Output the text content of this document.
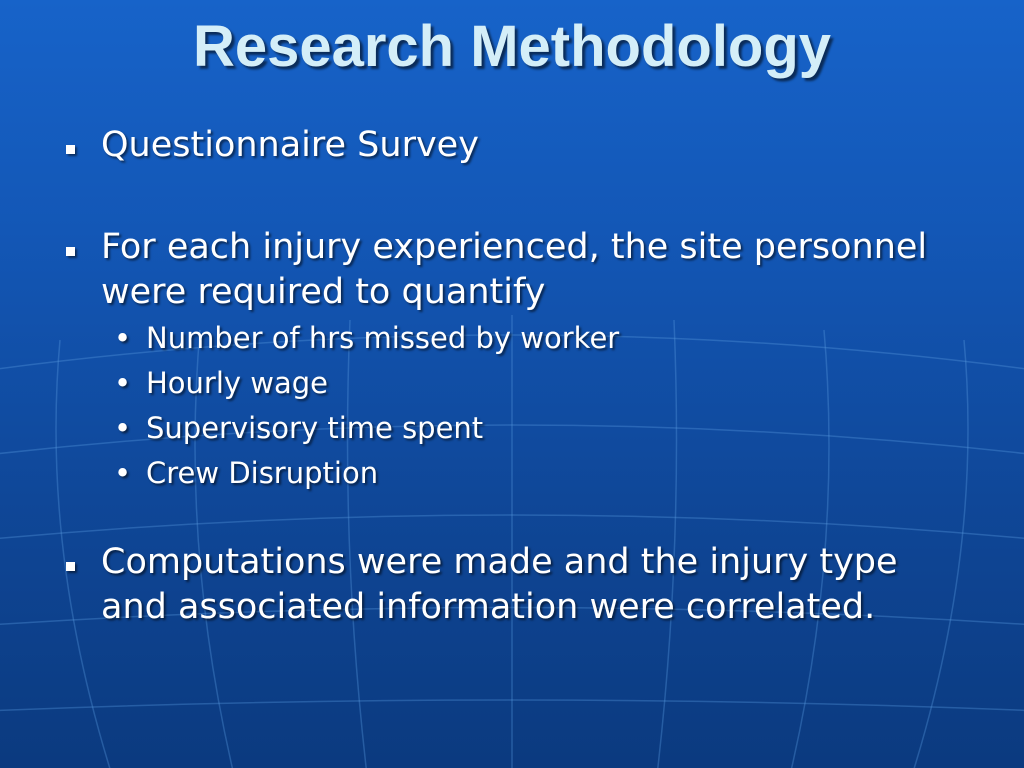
Research Methodology
Questionnaire Survey
For each injury experienced, the site personnel were required to quantify
• Number of hrs missed by worker
• Hourly wage
• Supervisory time spent
• Crew Disruption
Computations were made and the injury type and associated information were correlated.
